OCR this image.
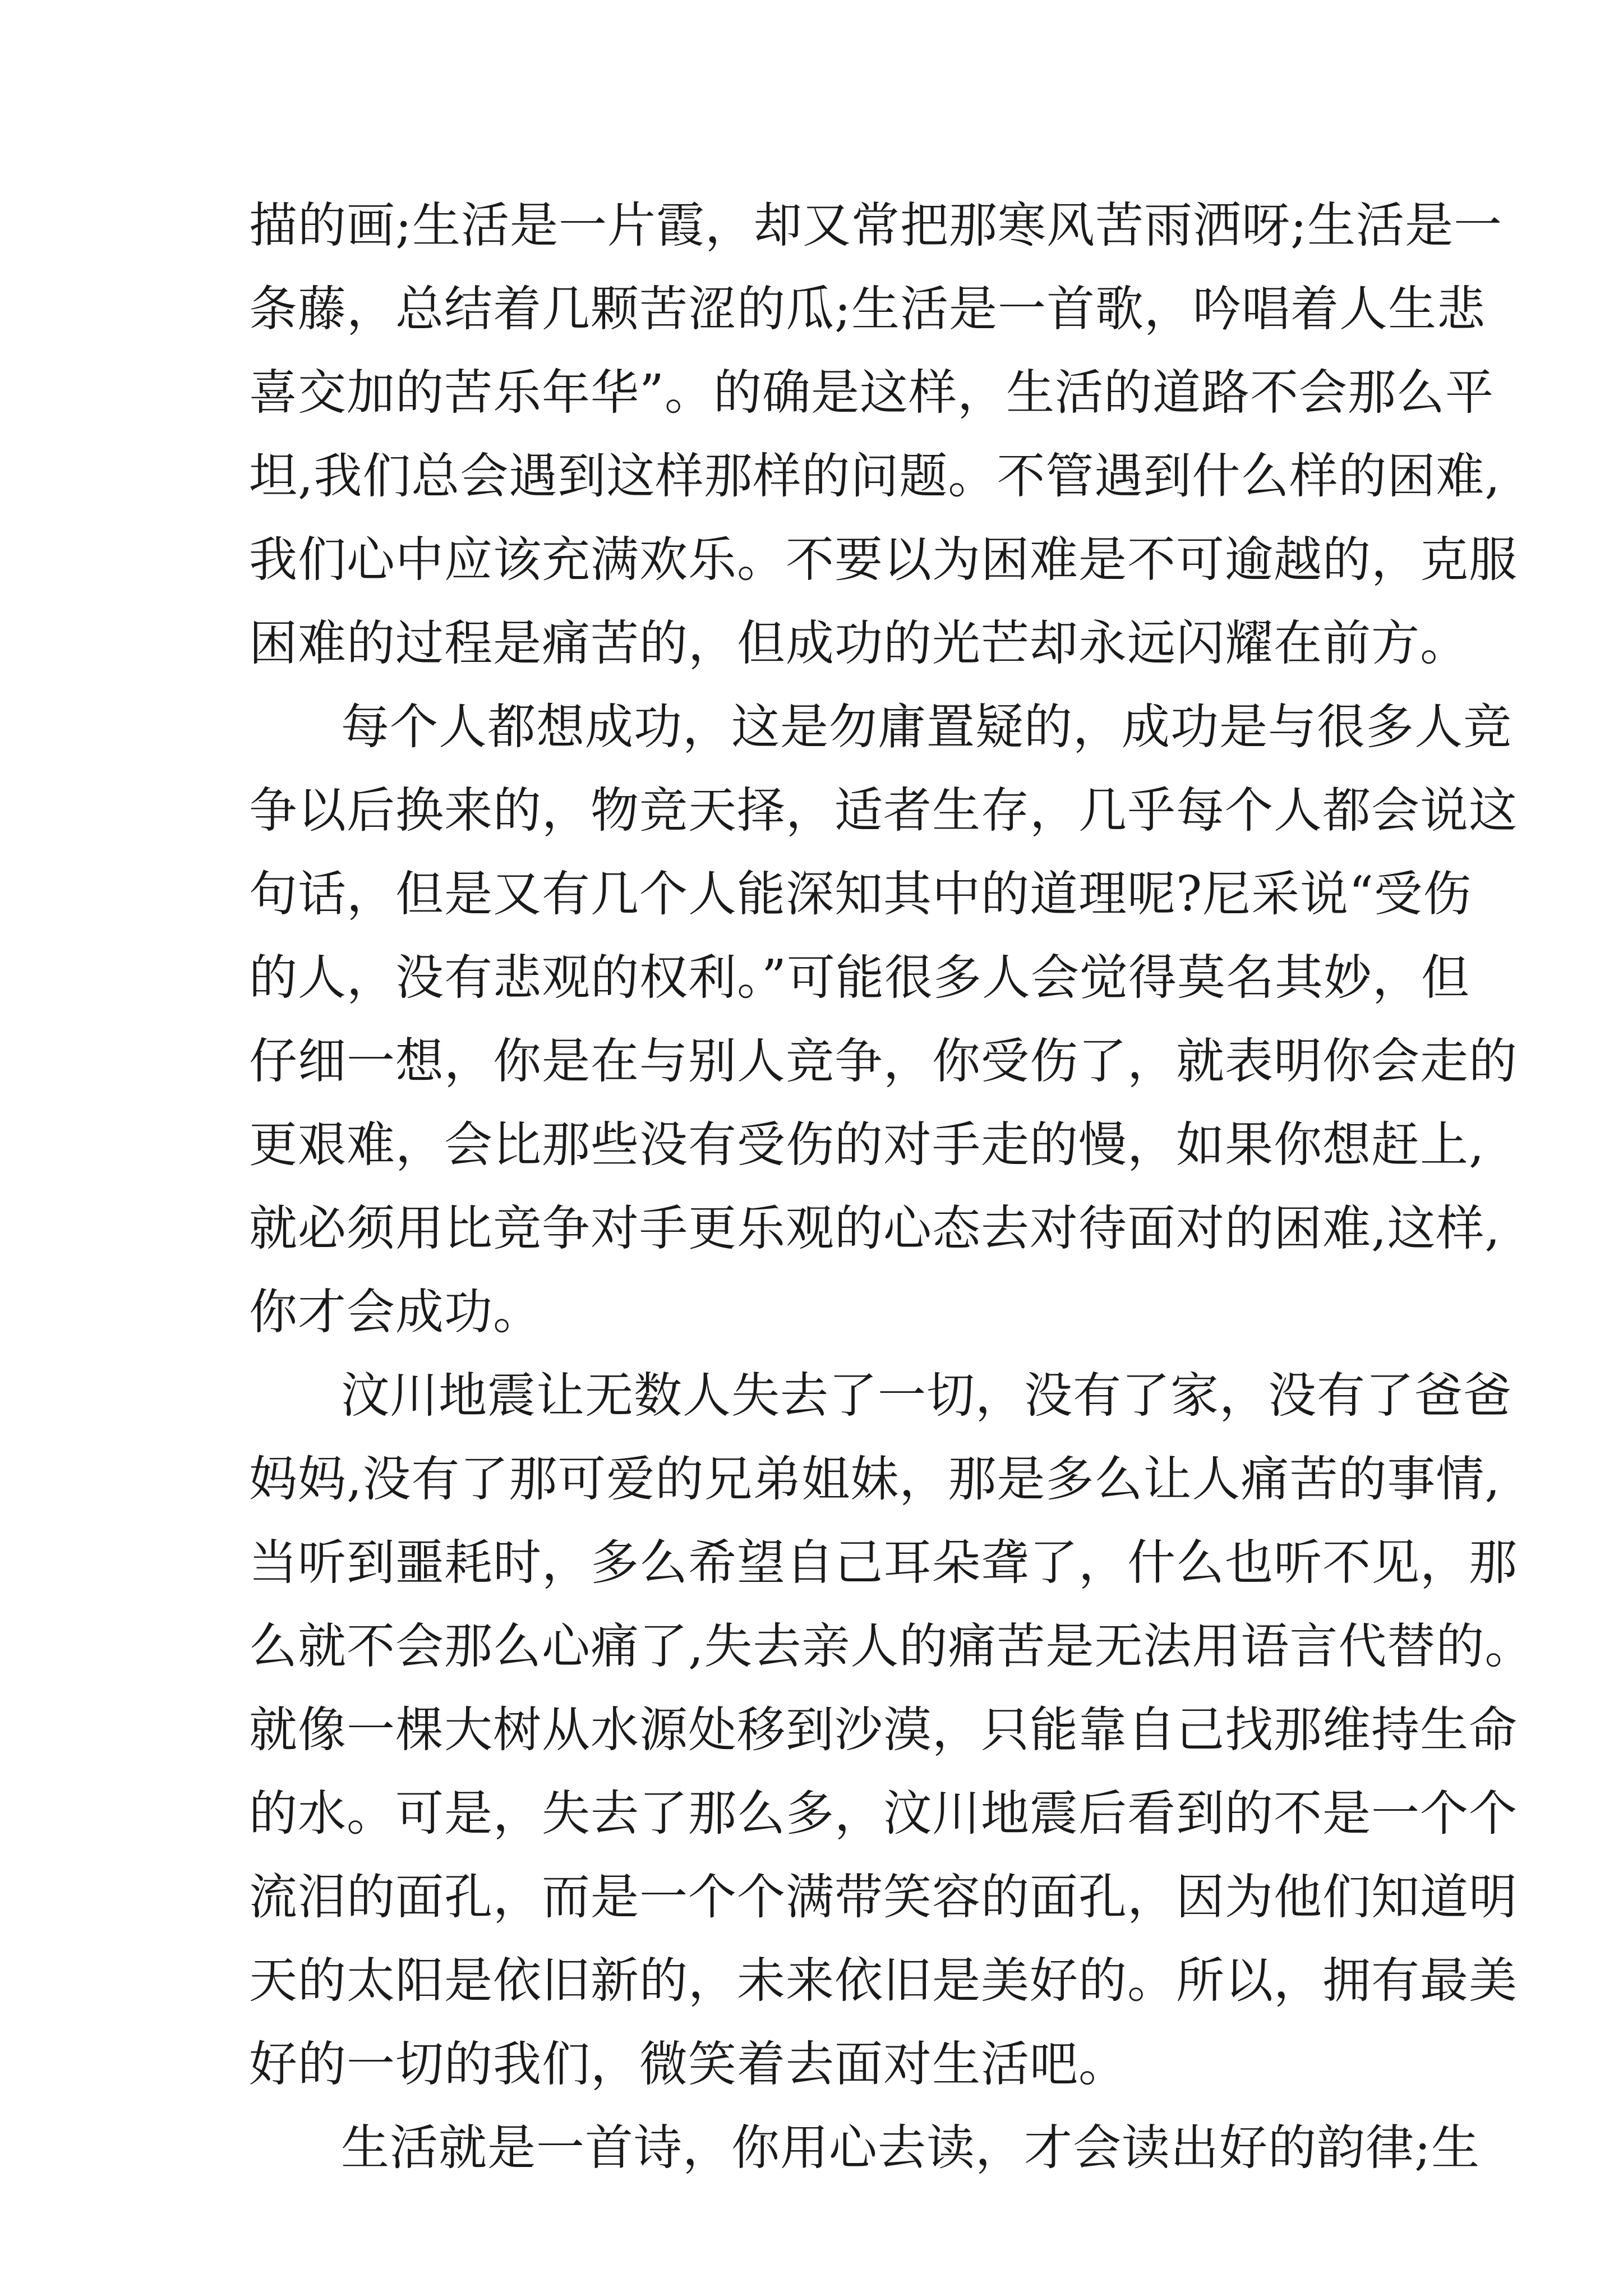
描的画;生活是一片霞，却又常把那寒风苦雨洒呀;生活是一
条藤，总结着几颗苦涩的瓜;生活是一首歌，吟唱着人生悲
喜交加的苦乐年华”。的确是这样，生活的道路不会那么平
坦,我们总会遇到这样那样的问题。不管遇到什么样的困难,
我们心中应该充满欢乐。不要以为困难是不可逾越的，克服
困难的过程是痛苦的，但成功的光芒却永远闪耀在前方。
每个人都想成功，这是勿庸置疑的，成功是与很多人竞
争以后换来的，物竞天择，适者生存，几乎每个人都会说这
句话，但是又有几个人能深知其中的道理呢?尼采说“受伤
的人，没有悲观的权利。”可能很多人会觉得莫名其妙，但
仔细一想，你是在与别人竞争，你受伤了，就表明你会走的
更艰难，会比那些没有受伤的对手走的慢，如果你想赶上,
就必须用比竞争对手更乐观的心态去对待面对的困难,这样,
你才会成功。
汶川地震让无数人失去了一切，没有了家，没有了爸爸
妈妈,没有了那可爱的兄弟姐妹，那是多么让人痛苦的事情,
当听到噩耗时，多么希望自己耳朵聋了，什么也听不见，那
么就不会那么心痛了,失去亲人的痛苦是无法用语言代替的。
就像一棵大树从水源处移到沙漠，只能靠自己找那维持生命
的水。可是，失去了那么多，汶川地震后看到的不是一个个
流泪的面孔，而是一个个满带笑容的面孔，因为他们知道明
天的太阳是依旧新的，未来依旧是美好的。所以，拥有最美
好的一切的我们，微笑着去面对生活吧。
生活就是一首诗，你用心去读，才会读出好的韵律;生
